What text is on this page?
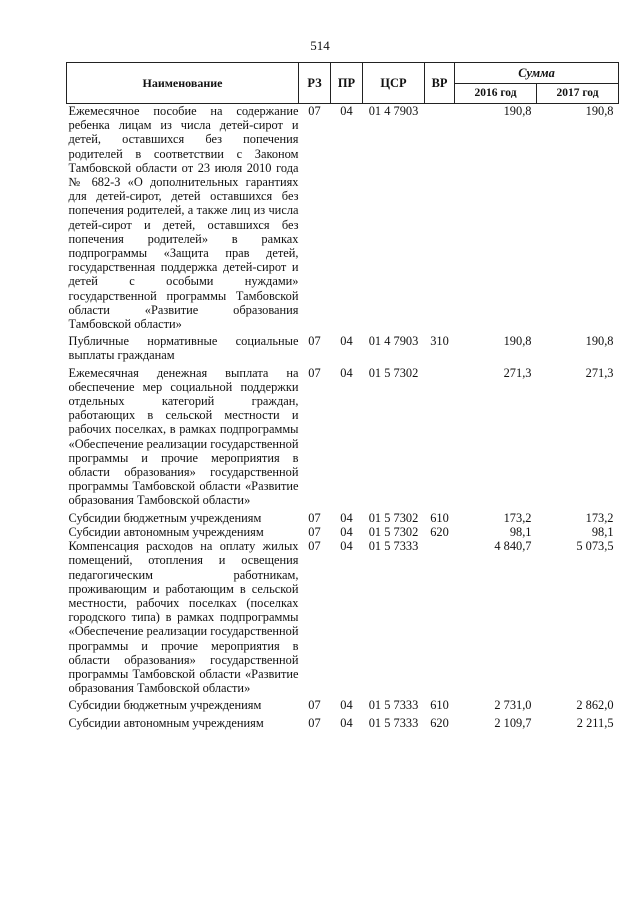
514
Наименование	РЗ	ПР	ЦСР	ВР	Сумма	
					2016 год	2017 год
Ежемесячное пособие на содержание ребенка лицам из числа детей-сирот и детей, оставшихся без попечения родителей в соответствии с Законом Тамбовской области от 23 июля 2010 года № 682-З «О дополнительных гарантиях для детей-сирот, детей оставшихся без попечения родителей, а также лиц из числа детей-сирот и детей, оставшихся без попечения родителей» в рамках подпрограммы «Защита прав детей, государственная поддержка детей-сирот и детей с особыми нуждами» государственной программы Тамбовской области «Развитие образования Тамбовской области»	07	04	01 4 7903		190,8	190,8
Публичные нормативные социальные выплаты гражданам	07	04	01 4 7903	310	190,8	190,8
Ежемесячная денежная выплата на обеспечение мер социальной поддержки отдельных категорий граждан, работающих в сельской местности и рабочих поселках, в рамках подпрограммы «Обеспечение реализации государственной программы и прочие мероприятия в области образования» государственной программы Тамбовской области «Развитие образования Тамбовской области»	07	04	01 5 7302		271,3	271,3
Субсидии бюджетным учреждениям	07	04	01 5 7302	610	173,2	173,2
Субсидии автономным учреждениям	07	04	01 5 7302	620	98,1	98,1
Компенсация расходов на оплату жилых помещений, отопления и освещения педагогическим работникам, проживающим и работающим в сельской местности, рабочих поселках (поселках городского типа) в рамках подпрограммы «Обеспечение реализации государственной программы и прочие мероприятия в области образования» государственной программы Тамбовской области «Развитие образования Тамбовской области»	07	04	01 5 7333		4 840,7	5 073,5
Субсидии бюджетным учреждениям	07	04	01 5 7333	610	2 731,0	2 862,0
Субсидии автономным учреждениям	07	04	01 5 7333	620	2 109,7	2 211,5
